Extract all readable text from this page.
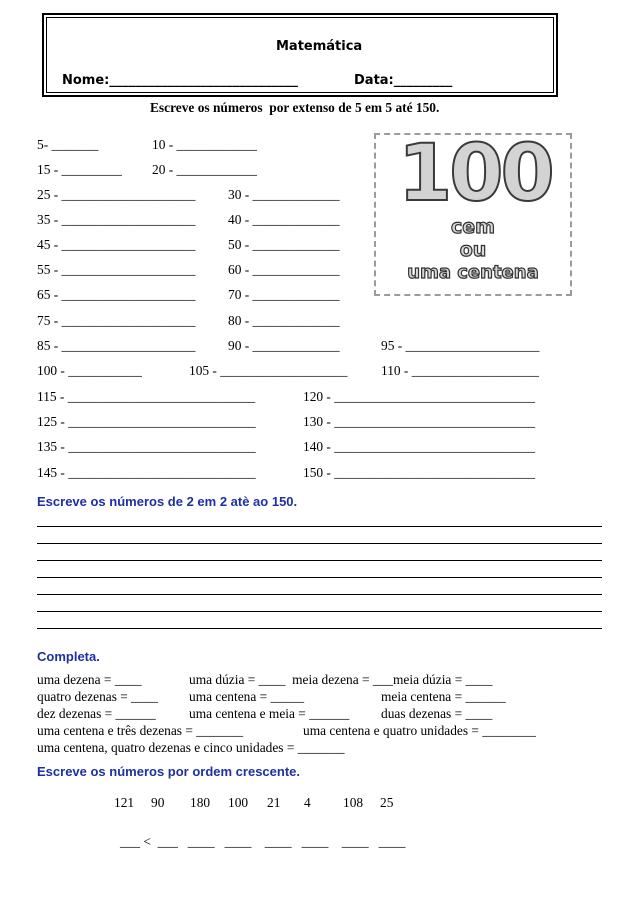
Matemática
Nome:_____________________________	Data:_________
Escreve os números  por extenso de 5 em 5 até 150.
5- _______	10 - ____________
15 - _________ 20 - ____________
25 - ____________________ 30 - _____________
35 - ____________________ 40 - _____________
45 - ____________________ 50 - _____________
55 - ____________________ 60 - _____________
65 - ____________________ 70 - _____________
75 - ____________________ 80 - _____________
85 - ____________________ 90 - _____________	95 - ____________________
100 - ___________	105 - ___________________	110 - ___________________
115 - ____________________________	120 - ______________________________
125 - ____________________________	130 - ______________________________
135 - ____________________________	140 - ______________________________
145 - ____________________________	150 - ______________________________
100
cem
ou
uma centena
Escreve os números de 2 em 2 atè ao 150.
Completa.
uma dezena = ____	uma dúzia = ____  meia dezena = ___meia dúzia = ____
quatro dezenas = ____ uma centena = _____	meia centena = ______
dez dezenas = ______ uma centena e meia = ______ duas dezenas = ____
uma centena e três dezenas = _______	uma centena e quatro unidades = ________
uma centena, quatro dezenas e cinco unidades = _______
Escreve os números por ordem crescente.
121 90 180 100 21 4 108 25
___ <  ___   ____   ____    ____   ____    ____   ____
